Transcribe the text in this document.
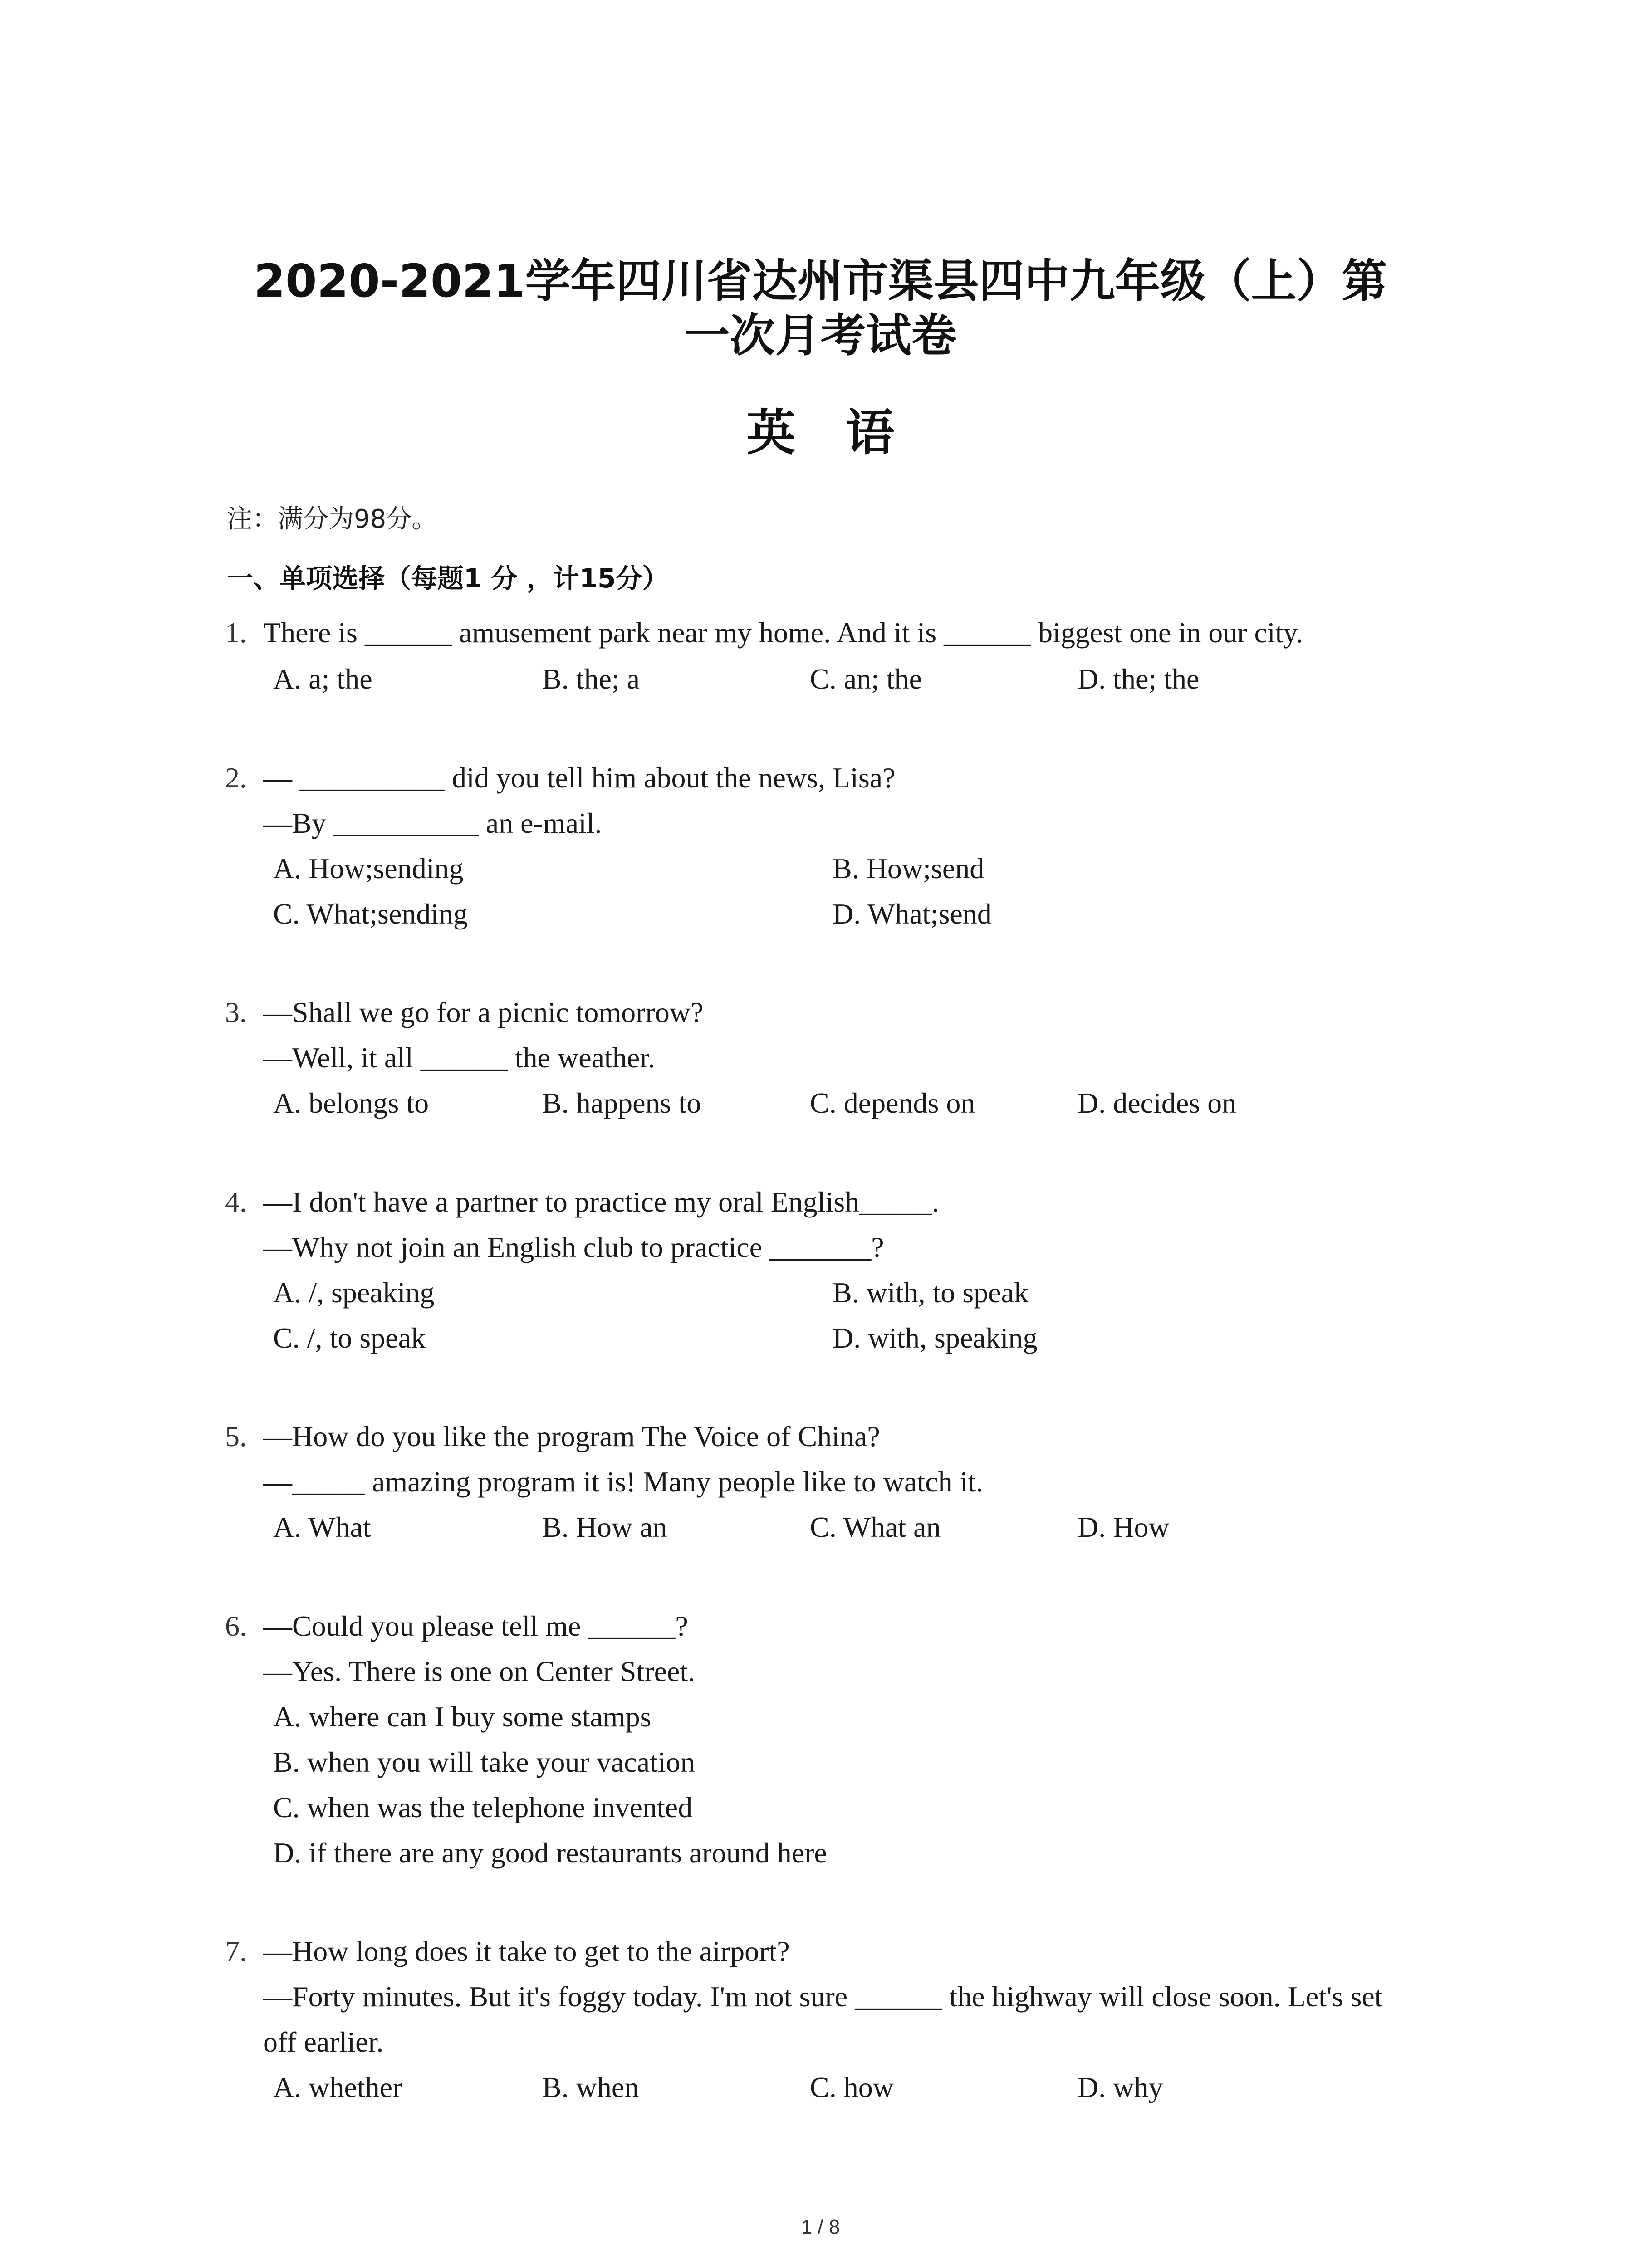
2020-2021学年四川省达州市渠县四中九年级（上）第
一次月考试卷
英语
注：满分为98分。
一、单项选择（每题1 分 ，计15分）
1. There is ______ amusement park near my home. And it is ______ biggest one in our city.
A. a; the	B. the; a	C. an; the	D. the; the
2. — __________ did you tell him about the news, Lisa?
—By __________ an e-mail.
A. How;sending	B. How;send
C. What;sending	D. What;send
3. —Shall we go for a picnic tomorrow?
—Well, it all ______ the weather.
A. belongs to	B. happens to	C. depends on	D. decides on
4. —I don't have a partner to practice my oral English_____.
—Why not join an English club to practice _______?
A. /, speaking	B. with, to speak
C. /, to speak	D. with, speaking
5. —How do you like the program The Voice of China?
—_____ amazing program it is! Many people like to watch it.
A. What	B. How an	C. What an	D. How
6. —Could you please tell me ______?
—Yes. There is one on Center Street.
A. where can I buy some stamps
B. when you will take your vacation
C. when was the telephone invented
D. if there are any good restaurants around here
7. —How long does it take to get to the airport?
—Forty minutes. But it's foggy today. I'm not sure ______ the highway will close soon. Let's set
off earlier.
A. whether	B. when	C. how	D. why
1 / 8
